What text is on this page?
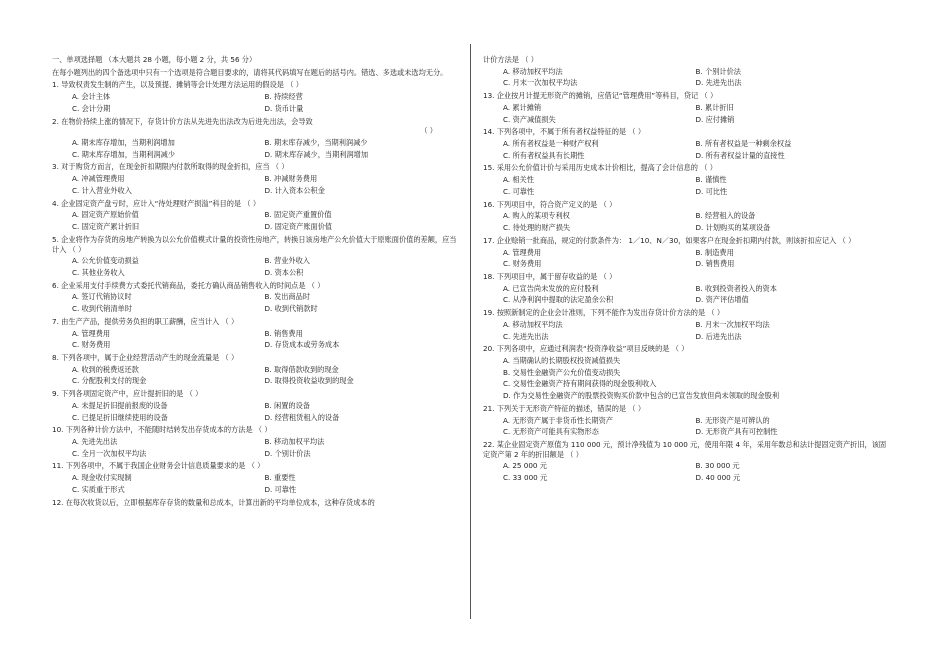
一、单项选择题 （本大题共 28 小题，每小题 2 分，共 56 分）

在每小题列出的四个备选项中只有一个选项是符合题目要求的，请将其代码填写在题后的括号内。错选、多选或未选均无分。

1. 导致权责发生制的产生，以及预提、摊销等会计处理方法运用的假设是 （ ）

A. 会计主体	B. 持续经营
C. 会计分期	D. 货币计量

2. 在物价持续上涨的情况下，存货计价方法从先进先出法改为后进先出法，会导致

（ ）

A. 期末库存增加，当期利润增加	B. 期末库存减少，当期利润减少
C. 期末库存增加，当期利润减少	D. 期末库存减少，当期利润增加

3. 对于购货方而言，在现金折扣期限内付款所取得的现金折扣，应当 （ ）

A. 冲减管理费用	B. 冲减财务费用
C. 计入营业外收入	D. 计入资本公积金

4. 企业固定资产盘亏时，应计入“待处理财产损溢”科目的是 （ ）

A. 固定资产原始价值	B. 固定资产重置价值
C. 固定资产累计折旧	D. 固定资产账面价值

5. 企业将作为存货的房地产转换为以公允价值模式计量的投资性房地产，转换日该房地产公允价值大于原账面价值的差额，应当计入 （ ）

A. 公允价值变动损益	B. 营业外收入
C. 其他业务收入	D. 资本公积

6. 企业采用支付手续费方式委托代销商品，委托方确认商品销售收入的时间点是 （ ）

A. 签订代销协议时	B. 发出商品时
C. 收到代销清单时	D. 收到代销款时

7. 由生产产品，提供劳务负担的职工薪酬，应当计入 （ ）

A. 管理费用	B. 销售费用
C. 财务费用	D. 存货成本或劳务成本

8. 下列各项中，属于企业经营活动产生的现金流量是 （ ）

A. 收到的税费返还款	B. 取得借款收到的现金
C. 分配股利支付的现金	D. 取得投资收益收到的现金

9. 下列各项固定资产中，应计提折旧的是 （ ）

A. 未提足折旧提前报废的设备	B. 闲置的设备
C. 已提足折旧继续使用的设备	D. 经营租赁租入的设备

10. 下列各种计价方法中，不能随时结转发出存货成本的方法是 （ ）

A. 先进先出法	B. 移动加权平均法
C. 全月一次加权平均法	D. 个别计价法

11. 下列各项中，不属于我国企业财务会计信息质量要求的是 （ ）

A. 现金收付实现制	B. 重要性
C. 实质重于形式	D. 可靠性

12. 在每次收货以后，立即根据库存存货的数量和总成本，计算出新的平均单位成本，这种存货成本的

计价方法是 （ ）

A. 移动加权平均法	B. 个别计价法
C. 月末一次加权平均法	D. 先进先出法

13. 企业按月计提无形资产的摊销，应借记“管理费用”等科目，贷记 （ ）

A. 累计摊销	B. 累计折旧
C. 资产减值损失	D. 应付摊销

14. 下列各项中，不属于所有者权益特征的是 （ ）

A. 所有者权益是一种财产权利	B. 所有者权益是一种剩余权益
C. 所有者权益具有长期性	D. 所有者权益计量的直接性

15. 采用公允价值计价与采用历史成本计价相比，提高了会计信息的 （ ）

A. 相关性	B. 谨慎性
C. 可靠性	D. 可比性

16. 下列项目中，符合资产定义的是 （ ）

A. 购入的某项专利权	B. 经营租入的设备
C. 待处理的财产损失	D. 计划购买的某项设备

17. 企业赊销一批商品，规定的付款条件为： 1／10、N／30，如果客户在现金折扣期内付款，则该折扣应记入 （ ）

A. 管理费用	B. 制造费用
C. 财务费用	D. 销售费用

18. 下列项目中，属于留存收益的是 （ ）

A. 已宣告尚未发放的应付股利	B. 收到投资者投入的资本
C. 从净利润中提取的法定盈余公积	D. 资产评估增值

19. 按照新制定的企业会计准则，下列不能作为发出存货计价方法的是 （ ）

A. 移动加权平均法	B. 月末一次加权平均法
C. 先进先出法	D. 后进先出法

20. 下列各项中，应通过利润表“投资净收益”项目反映的是 （ ）

A. 当期确认的长期股权投资减值损失
B. 交易性金融资产公允价值变动损失
C. 交易性金融资产持有期间获得的现金股利收入
D. 作为交易性金融资产的股票投资购买价款中包含的已宣告发放但尚未领取的现金股利

21. 下列关于无形资产特征的描述，错误的是 （ ）

A. 无形资产属于非货币性长期资产	B. 无形资产是可辨认的
C. 无形资产可能具有实物形态	D. 无形资产具有可控制性

22. 某企业固定资产原值为 110 000 元，预计净残值为 10 000 元，使用年限 4 年，采用年数总和法计提固定资产折旧，该固定资产第 2 年的折旧额是 （ ）

A. 25 000 元	B. 30 000 元
C. 33 000 元	D. 40 000 元
